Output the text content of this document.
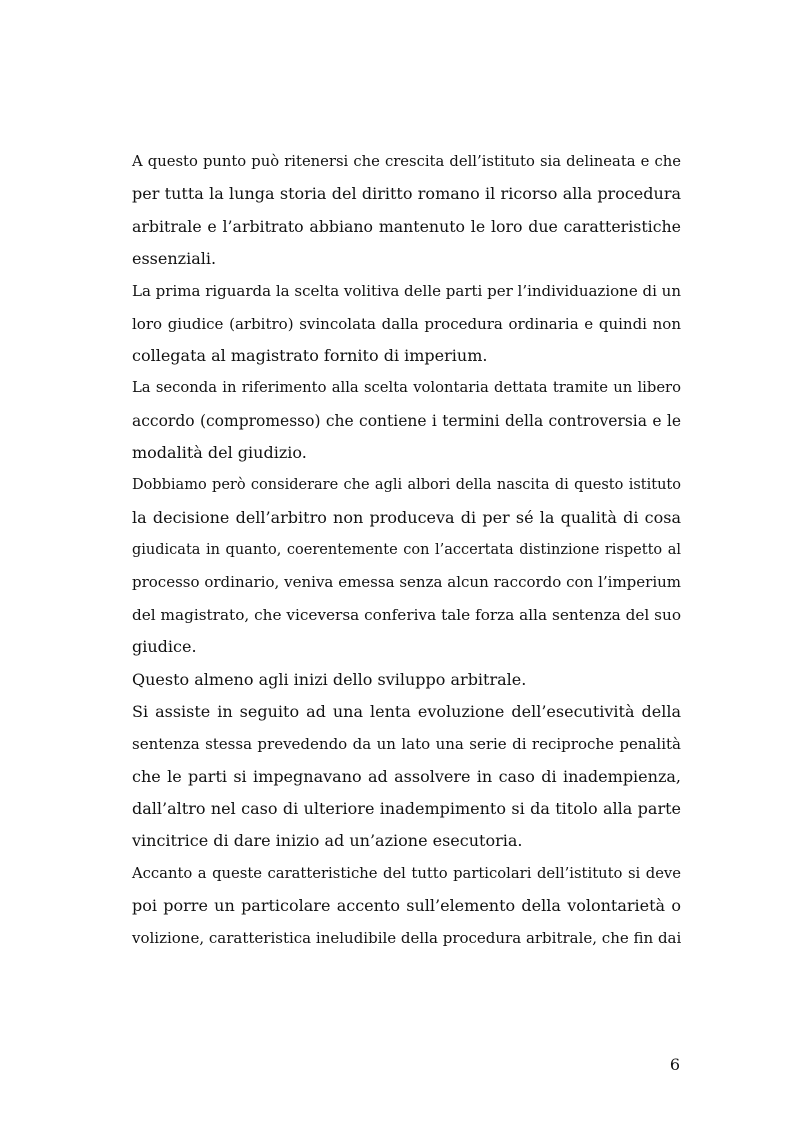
A questo punto può ritenersi che crescita dell’istituto sia delineata e che
per tutta la lunga storia del diritto romano il ricorso alla procedura
arbitrale e l’arbitrato abbiano mantenuto le loro due caratteristiche
essenziali.
La prima riguarda la scelta volitiva delle parti per l’individuazione di un
loro giudice (arbitro) svincolata dalla procedura ordinaria e quindi non
collegata al magistrato fornito di imperium.
La seconda in riferimento alla scelta volontaria dettata tramite un libero
accordo (compromesso) che contiene i termini della controversia e le
modalità del giudizio.
Dobbiamo però considerare che agli albori della nascita di questo istituto
la decisione dell’arbitro non produceva di per sé la qualità di cosa
giudicata in quanto, coerentemente con l’accertata distinzione rispetto al
processo ordinario, veniva emessa senza alcun raccordo con l’imperium
del magistrato, che viceversa conferiva tale forza alla sentenza del suo
giudice.
Questo almeno agli inizi dello sviluppo arbitrale.
Si assiste in seguito ad una lenta evoluzione dell’esecutività della
sentenza stessa prevedendo da un lato una serie di reciproche penalità
che le parti si impegnavano ad assolvere in caso di inadempienza,
dall’altro nel caso di ulteriore inadempimento si da titolo alla parte
vincitrice di dare inizio ad un’azione esecutoria.
Accanto a queste caratteristiche del tutto particolari dell’istituto si deve
poi porre un particolare accento sull’elemento della volontarietà o
volizione, caratteristica ineludibile della procedura arbitrale, che fin dai
6
